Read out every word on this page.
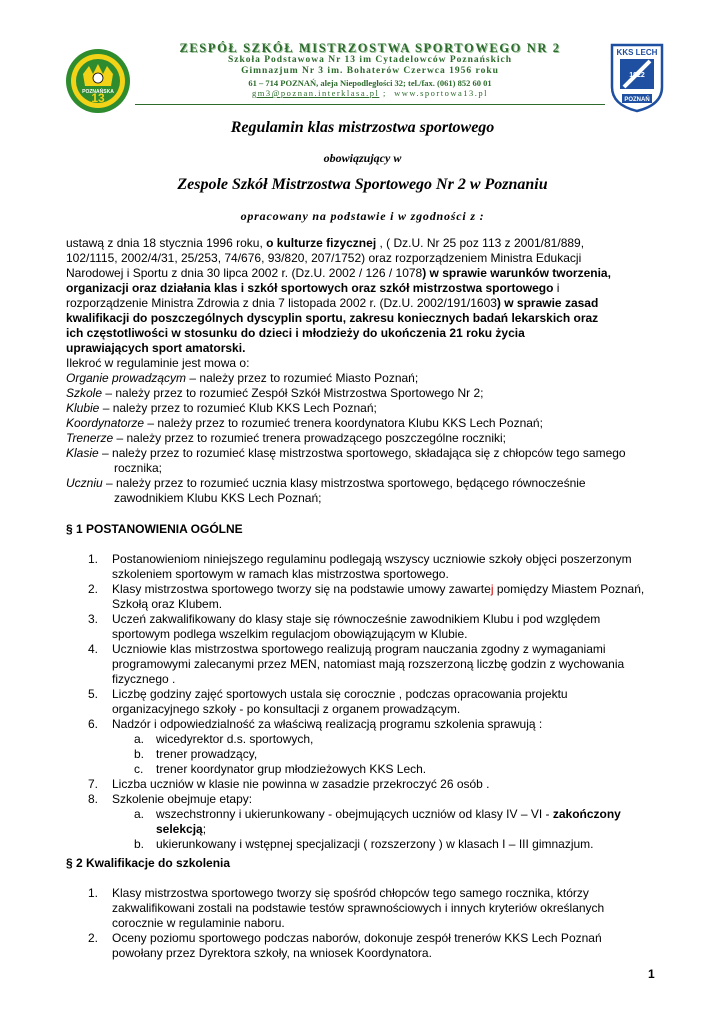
13
POZNAŃSKA
ZESPÓŁ SZKÓŁ MISTRZOSTWA SPORTOWEGO NR 2
Szkoła Podstawowa Nr 13 im Cytadelowców Poznańskich
Gimnazjum Nr 3 im. Bohaterów Czerwca 1956 roku
61 – 714 POZNAŃ, aleja Niepodległości 32; tel./fax. (061) 852 60 01
gm3@poznan.interklasa.pl ; www.sportowa13.pl
KKS LECH
1922
POZNAŃ
Regulamin klas mistrzostwa sportowego
obowiązujący w
Zespole Szkół Mistrzostwa Sportowego Nr 2 w Poznaniu
opracowany na podstawie i w zgodności z :
ustawą z dnia 18 stycznia 1996 roku, o kulturze fizycznej , ( Dz.U. Nr 25 poz 113 z 2001/81/889,
102/1115, 2002/4/31, 25/253, 74/676, 93/820, 207/1752) oraz rozporządzeniem Ministra Edukacji
Narodowej i Sportu z dnia 30 lipca 2002 r. (Dz.U. 2002 / 126 / 1078) w sprawie warunków tworzenia,
organizacji oraz działania klas i szkół sportowych oraz szkół mistrzostwa sportowego i
rozporządzenie Ministra Zdrowia z dnia 7 listopada 2002 r. (Dz.U. 2002/191/1603) w sprawie zasad
kwalifikacji do poszczególnych dyscyplin sportu, zakresu koniecznych badań lekarskich oraz
ich częstotliwości w stosunku do dzieci i młodzieży do ukończenia 21 roku życia
uprawiających sport amatorski.
Ilekroć w regulaminie jest mowa o:
Organie prowadzącym – należy przez to rozumieć Miasto Poznań;
Szkole – należy przez to rozumieć Zespół Szkół Mistrzostwa Sportowego Nr 2;
Klubie – należy przez to rozumieć Klub KKS Lech Poznań;
Koordynatorze – należy przez to rozumieć trenera koordynatora Klubu KKS Lech Poznań;
Trenerze – należy przez to rozumieć trenera prowadzącego poszczególne roczniki;
Klasie – należy przez to rozumieć klasę mistrzostwa sportowego, składająca się z chłopców tego samego
rocznika;
Uczniu – należy przez to rozumieć ucznia klasy mistrzostwa sportowego, będącego równocześnie
zawodnikiem Klubu KKS Lech Poznań;
§ 1 POSTANOWIENIA OGÓLNE
1. Postanowieniom niniejszego regulaminu podlegają wszyscy uczniowie szkoły objęci poszerzonym
szkoleniem sportowym w ramach klas mistrzostwa sportowego.
2. Klasy mistrzostwa sportowego tworzy się na podstawie umowy zawartej pomiędzy Miastem Poznań,
Szkołą oraz Klubem.
3. Uczeń zakwalifikowany do klasy staje się równocześnie zawodnikiem Klubu i pod względem
sportowym podlega wszelkim regulacjom obowiązującym w Klubie.
4. Uczniowie klas mistrzostwa sportowego realizują program nauczania zgodny z wymaganiami
programowymi zalecanymi przez MEN, natomiast mają rozszerzoną liczbę godzin z wychowania
fizycznego .
5. Liczbę godziny zajęć sportowych ustala się corocznie , podczas opracowania projektu
organizacyjnego szkoły - po konsultacji z organem prowadzącym.
6. Nadzór i odpowiedzialność za właściwą realizacją programu szkolenia sprawują :
a. wicedyrektor d.s. sportowych,
b. trener prowadzący,
c. trener koordynator grup młodzieżowych KKS Lech.
7. Liczba uczniów w klasie nie powinna w zasadzie przekroczyć 26 osób .
8. Szkolenie obejmuje etapy:
a. wszechstronny i ukierunkowany - obejmujących uczniów od klasy IV – VI - zakończony
selekcją;
b. ukierunkowany i wstępnej specjalizacji ( rozszerzony ) w klasach I – III gimnazjum.
§ 2 Kwalifikacje do szkolenia
1. Klasy mistrzostwa sportowego tworzy się spośród chłopców tego samego rocznika, którzy
zakwalifikowani zostali na podstawie testów sprawnościowych i innych kryteriów określanych
corocznie w regulaminie naboru.
2. Oceny poziomu sportowego podczas naborów, dokonuje zespół trenerów KKS Lech Poznań
powołany przez Dyrektora szkoły, na wniosek Koordynatora.
1
